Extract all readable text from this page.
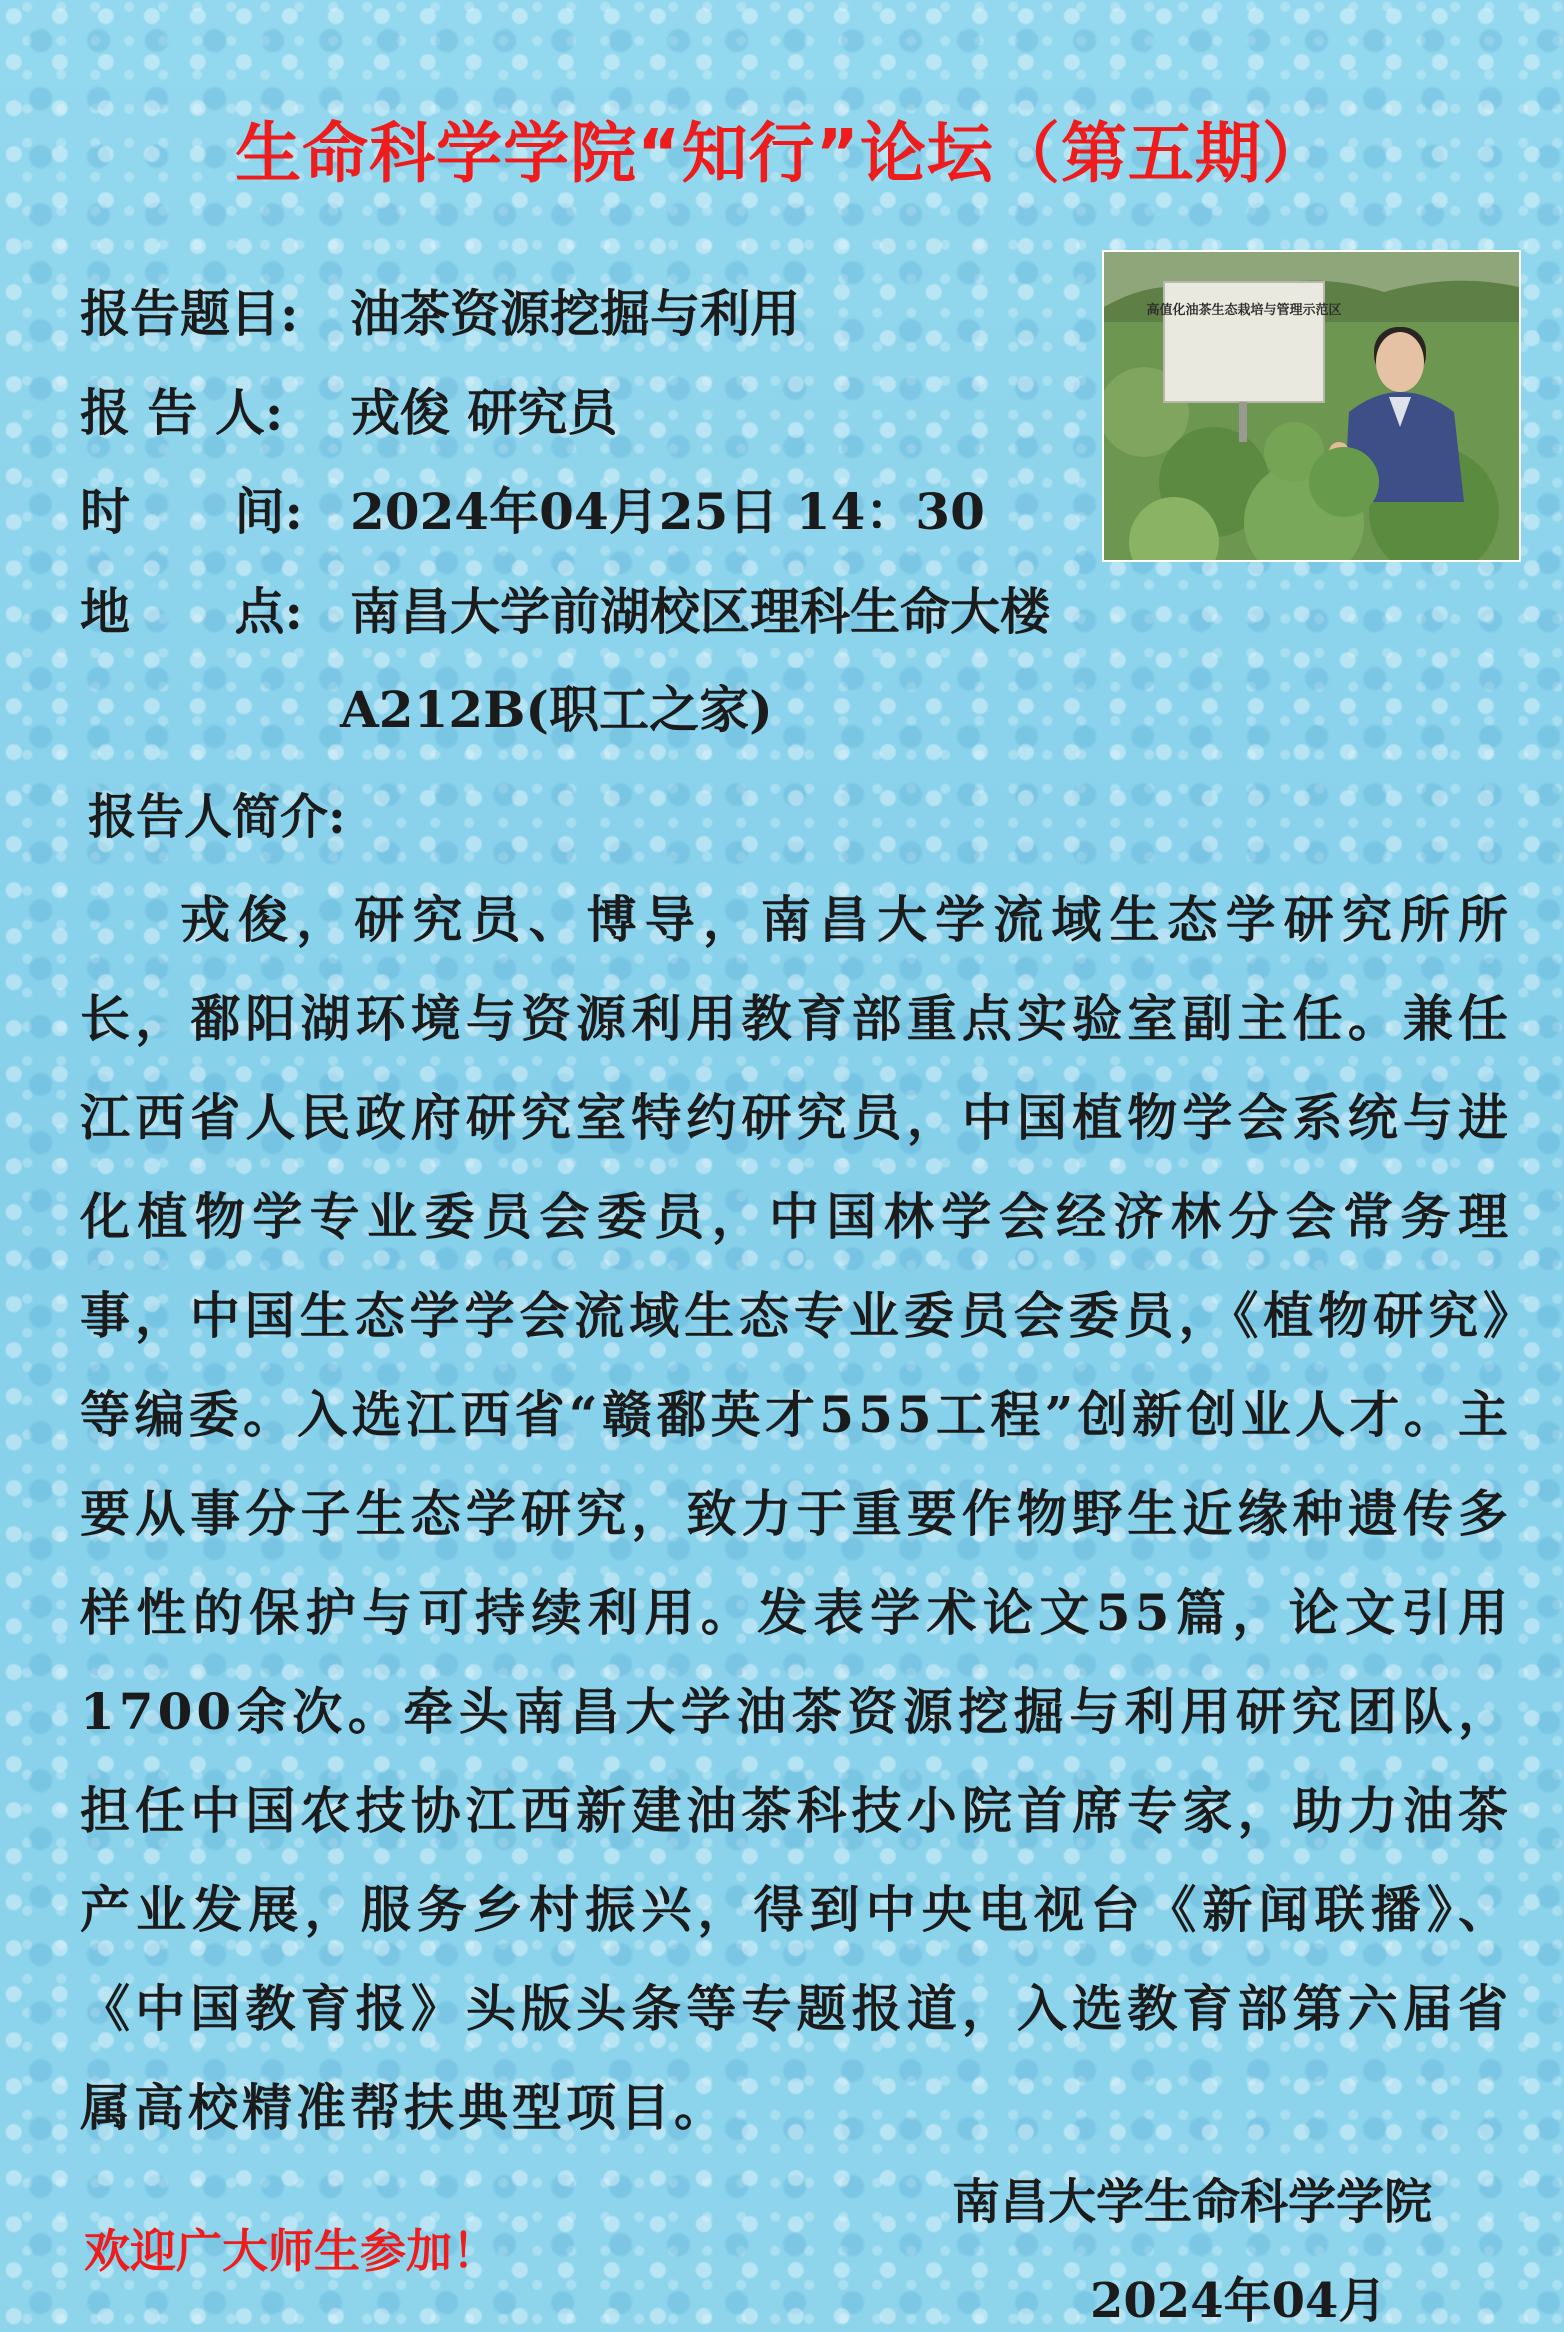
生命科学学院“知行”论坛（第五期）
报告题目: 油茶资源挖掘与利用
报 告 人: 戎俊 研究员
时      间: 2024年04月25日 14：30
地      点: 南昌大学前湖校区理科生命大楼
A212B(职工之家)
高值化油茶生态栽培与管理示范区
报告人简介:

戎俊，研究员、博导，南昌大学流域生态学研究所所长，鄱阳湖环境与资源利用教育部重点实验室副主任。兼任江西省人民政府研究室特约研究员，中国植物学会系统与进化植物学专业委员会委员，中国林学会经济林分会常务理事，中国生态学学会流域生态专业委员会委员，《植物研究》等编委。入选江西省“赣鄱英才555工程”创新创业人才。主要从事分子生态学研究，致力于重要作物野生近缘种遗传多样性的保护与可持续利用。发表学术论文55篇，论文引用1700余次。牵头南昌大学油茶资源挖掘与利用研究团队，担任中国农技协江西新建油茶科技小院首席专家，助力油茶产业发展，服务乡村振兴，得到中央电视台《新闻联播》、《中国教育报》头版头条等专题报道，入选教育部第六届省属高校精准帮扶典型项目。

南昌大学生命科学学院
欢迎广大师生参加！
2024年04月
